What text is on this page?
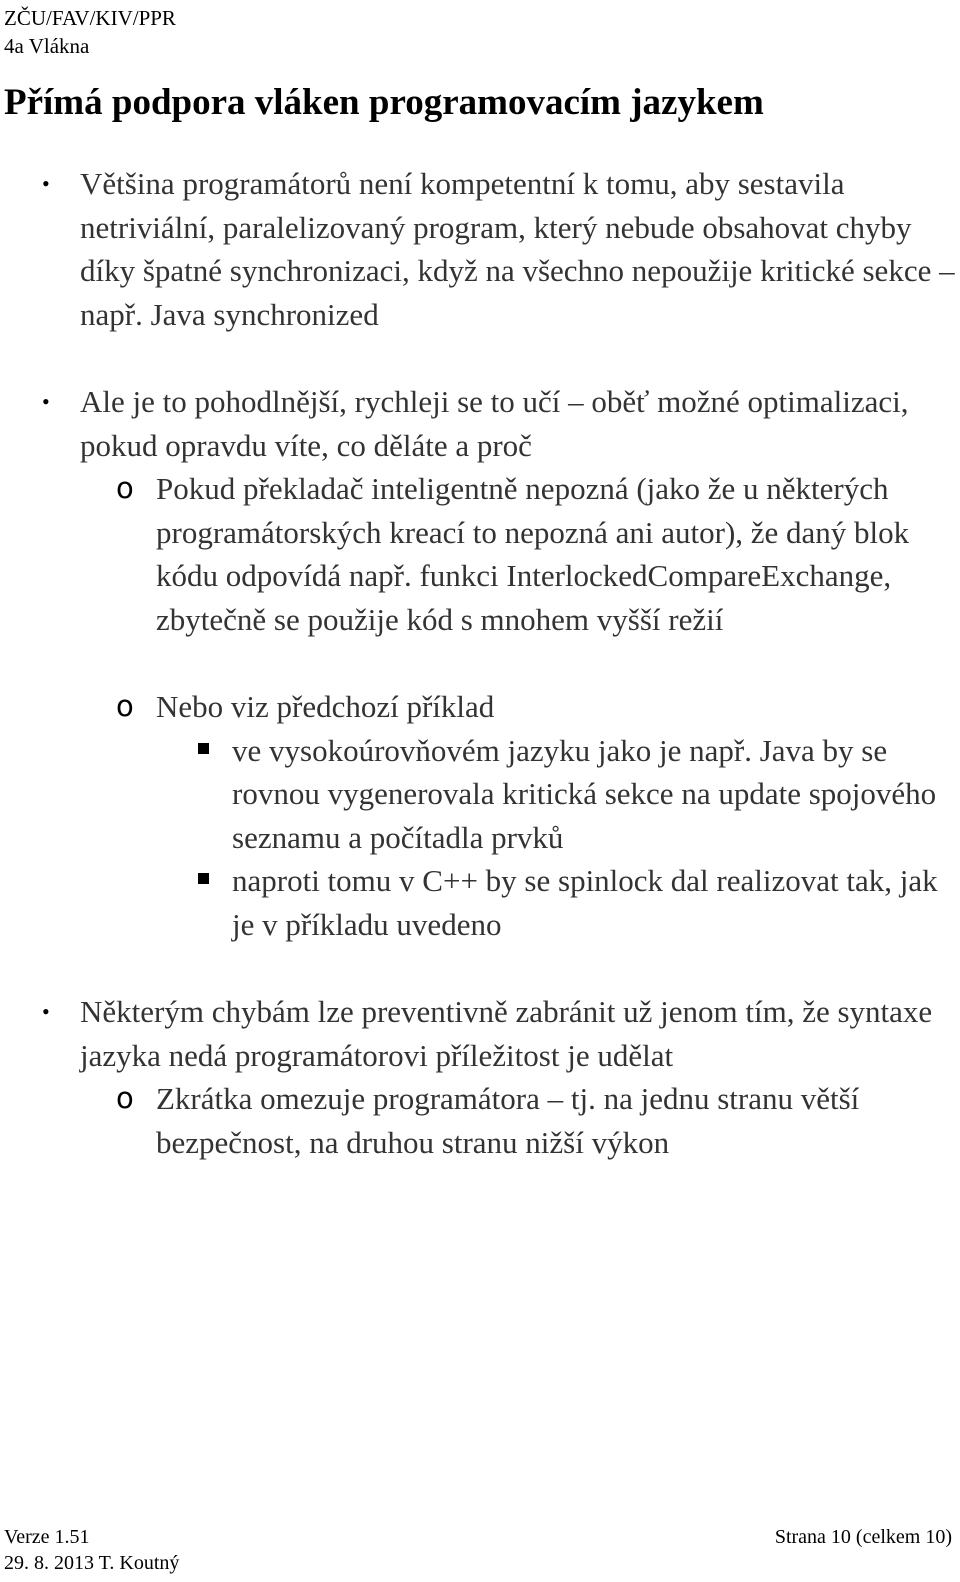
ZČU/FAV/KIV/PPR
4a Vlákna
Přímá podpora vláken programovacím jazykem
• Většina programátorů není kompetentní k tomu, aby sestavila netriviální, paralelizovaný program, který nebude obsahovat chyby díky špatné synchronizaci, když na všechno nepoužije kritické sekce – např. Java synchronized
• Ale je to pohodlnější, rychleji se to učí – oběť možné optimalizaci, pokud opravdu víte, co děláte a proč
o Pokud překladač inteligentně nepozná (jako že u některých programátorských kreací to nepozná ani autor), že daný blok kódu odpovídá např. funkci InterlockedCompareExchange, zbytečně se použije kód s mnohem vyšší režií
o Nebo viz předchozí příklad
ve vysokoúrovňovém jazyku jako je např. Java by se rovnou vygenerovala kritická sekce na update spojového seznamu a počítadla prvků
naproti tomu v C++ by se spinlock dal realizovat tak, jak je v příkladu uvedeno
• Některým chybám lze preventivně zabránit už jenom tím, že syntaxe jazyka nedá programátorovi příležitost je udělat
o Zkrátka omezuje programátora – tj. na jednu stranu větší bezpečnost, na druhou stranu nižší výkon
Verze 1.51	Strana 10 (celkem 10)
29. 8. 2013 T. Koutný
